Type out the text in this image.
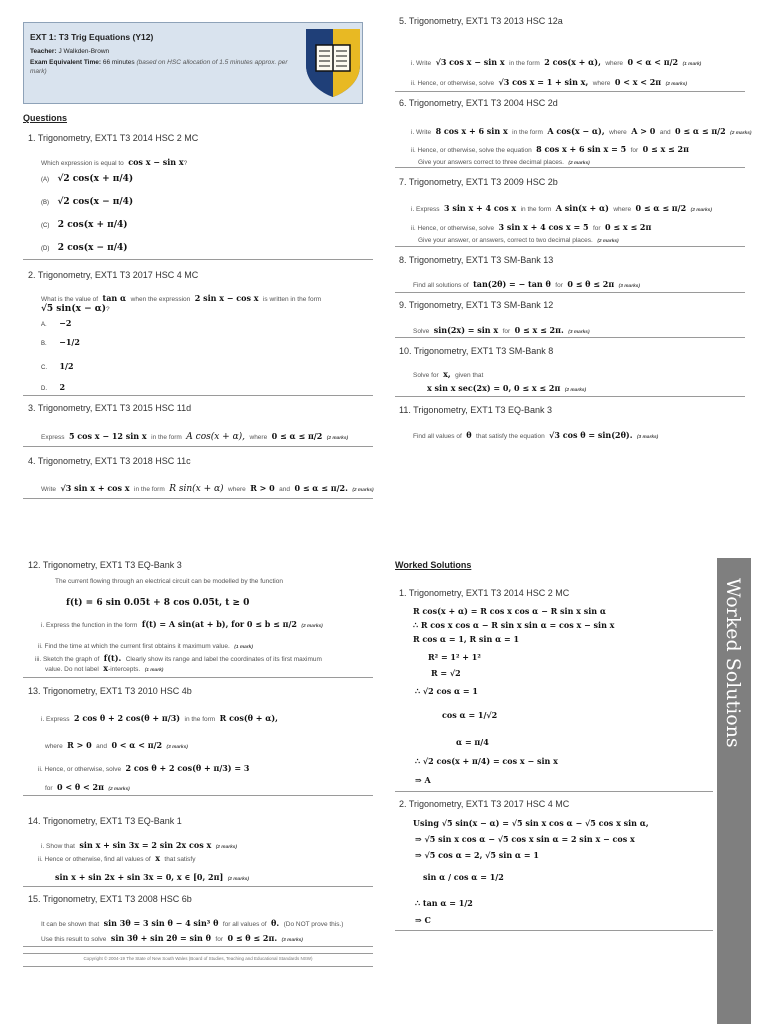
EXT 1: T3 Trig Equations (Y12)
Teacher: J Walkden-Brown
Exam Equivalent Time: 66 minutes (based on HSC allocation of 1.5 minutes approx. per mark)
Questions
1. Trigonometry, EXT1 T3 2014 HSC 2 MC
Which expression is equal to cos x − sin x?
(A) √2 cos(x + π/4)
(B) √2 cos(x − π/4)
(C) 2 cos(x + π/4)
(D) 2 cos(x − π/4)
2. Trigonometry, EXT1 T3 2017 HSC 4 MC
What is the value of tan α when the expression 2 sin x − cos x is written in the form
√5 sin(x − α)?
A. −2
B. −1/2
C. 1/2
D. 2
3. Trigonometry, EXT1 T3 2015 HSC 11d
Express 5 cos x − 12 sin x in the form A cos(x + α), where 0 ≤ α ≤ π/2 (2 marks)
4. Trigonometry, EXT1 T3 2018 HSC 11c
Write √3 sin x + cos x in the form R sin(x + α) where R > 0 and 0 ≤ α ≤ π/2. (2 marks)
5. Trigonometry, EXT1 T3 2013 HSC 12a
i. Write √3 cos x − sin x in the form 2 cos(x + α), where 0 < α < π/2 (1 mark)
ii. Hence, or otherwise, solve √3 cos x = 1 + sin x, where 0 < x < 2π (2 marks)
6. Trigonometry, EXT1 T3 2004 HSC 2d
i. Write 8 cos x + 6 sin x in the form A cos(x − α), where A > 0 and 0 ≤ α ≤ π/2 (2 marks)
ii. Hence, or otherwise, solve the equation 8 cos x + 6 sin x = 5 for 0 ≤ x ≤ 2π
Give your answers correct to three decimal places. (2 marks)
7. Trigonometry, EXT1 T3 2009 HSC 2b
i. Express 3 sin x + 4 cos x in the form A sin(x + α) where 0 ≤ α ≤ π/2 (2 marks)
ii. Hence, or otherwise, solve 3 sin x + 4 cos x = 5 for 0 ≤ x ≤ 2π
Give your answer, or answers, correct to two decimal places. (2 marks)
8. Trigonometry, EXT1 T3 SM-Bank 13
Find all solutions of tan(2θ) = − tan θ for 0 ≤ θ ≤ 2π (3 marks)
9. Trigonometry, EXT1 T3 SM-Bank 12
Solve sin(2x) = sin x for 0 ≤ x ≤ 2π. (3 marks)
10. Trigonometry, EXT1 T3 SM-Bank 8
Solve for x, given that
x sin x sec(2x) = 0, 0 ≤ x ≤ 2π (2 marks)
11. Trigonometry, EXT1 T3 EQ-Bank 3
Find all values of θ that satisfy the equation √3 cos θ = sin(2θ). (3 marks)
12. Trigonometry, EXT1 T3 EQ-Bank 3
The current flowing through an electrical circuit can be modelled by the function
f(t) = 6 sin 0.05t + 8 cos 0.05t, t ≥ 0
i. Express the function in the form f(t) = A sin(at + b), for 0 ≤ b ≤ π/2 (2 marks)
ii. Find the time at which the current first obtains it maximum value. (1 mark)
iii. Sketch the graph of f(t). Clearly show its range and label the coordinates of its first maximum
value. Do not label x-intercepts. (1 mark)
13. Trigonometry, EXT1 T3 2010 HSC 4b
i. Express 2 cos θ + 2 cos(θ + π/3) in the form R cos(θ + α),
where R > 0 and 0 < α < π/2 (3 marks)
ii. Hence, or otherwise, solve 2 cos θ + 2 cos(θ + π/3) = 3
for 0 < θ < 2π (2 marks)
14. Trigonometry, EXT1 T3 EQ-Bank 1
i. Show that sin x + sin 3x = 2 sin 2x cos x (2 marks)
ii. Hence or otherwise, find all values of x that satisfy
sin x + sin 2x + sin 3x = 0, x ∈ [0, 2π] (2 marks)
15. Trigonometry, EXT1 T3 2008 HSC 6b
It can be shown that sin 3θ = 3 sin θ − 4 sin³ θ for all values of θ. (Do NOT prove this.)
Use this result to solve sin 3θ + sin 2θ = sin θ for 0 ≤ θ ≤ 2π. (3 marks)
Copyright © 2004-19 The State of New South Wales (Board of Studies, Teaching and Educational Standards NSW)
Worked Solutions
Worked Solutions
1. Trigonometry, EXT1 T3 2014 HSC 2 MC
R cos(x + α) = R cos x cos α − R sin x sin α
∴ R cos x cos α − R sin x sin α = cos x − sin x
R cos α = 1, R sin α = 1
R² = 1² + 1²
R = √2
∴ √2 cos α = 1
cos α = 1/√2
α = π/4
∴ √2 cos(x + π/4) = cos x − sin x
⇒ A
2. Trigonometry, EXT1 T3 2017 HSC 4 MC
Using √5 sin(x − α) = √5 sin x cos α − √5 cos x sin α,
⇒ √5 sin x cos α − √5 cos x sin α = 2 sin x − cos x
⇒ √5 cos α = 2, √5 sin α = 1
sin α / cos α = 1/2
∴ tan α = 1/2
⇒ C
